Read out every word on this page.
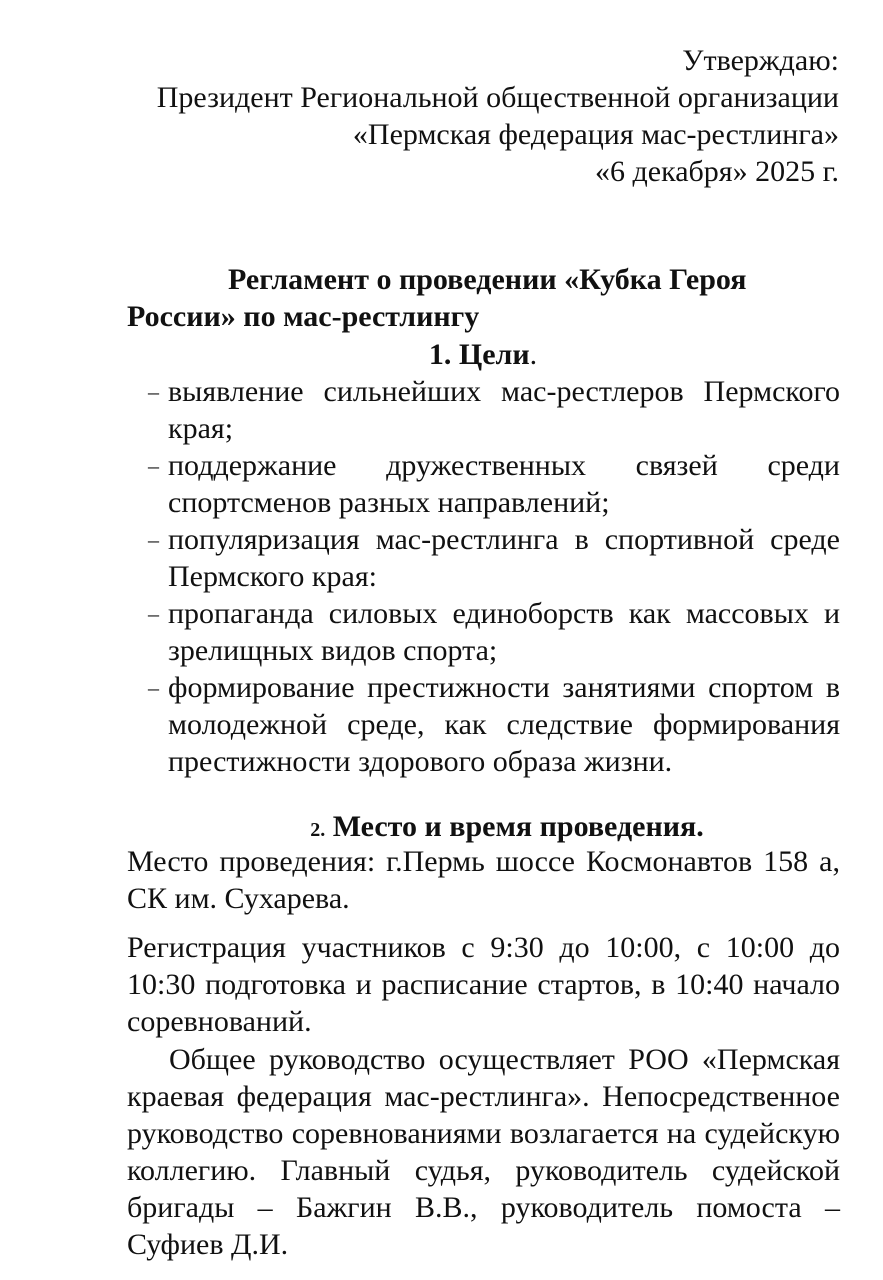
Утверждаю:
Президент Региональной общественной организации
«Пермская федерация мас-рестлинга»
«6 декабря» 2025 г.
Регламент о проведении «Кубка Героя
России» по мас-рестлингу
1. Цели.
– выявление сильнейших мас-рестлеров Пермского края;
– поддержание дружественных связей среди спортсменов разных направлений;
– популяризация мас-рестлинга в спортивной среде Пермского края:
– пропаганда силовых единоборств как массовых и зрелищных видов спорта;
– формирование престижности занятиями спортом в молодежной среде, как следствие формирования престижности здорового образа жизни.
2. Место и время проведения.

Место проведения: г.Пермь шоссе Космонавтов 158 а, СК им. Сухарева.

Регистрация участников с 9:30 до 10:00, с 10:00 до 10:30 подготовка и расписание стартов, в 10:40 начало соревнований.

Общее руководство осуществляет РОО «Пермская краевая федерация мас-рестлинга». Непосредственное руководство соревнованиями возлагается на судейскую коллегию. Главный судья, руководитель судейской бригады – Бажгин В.В., руководитель помоста – Суфиев Д.И.
